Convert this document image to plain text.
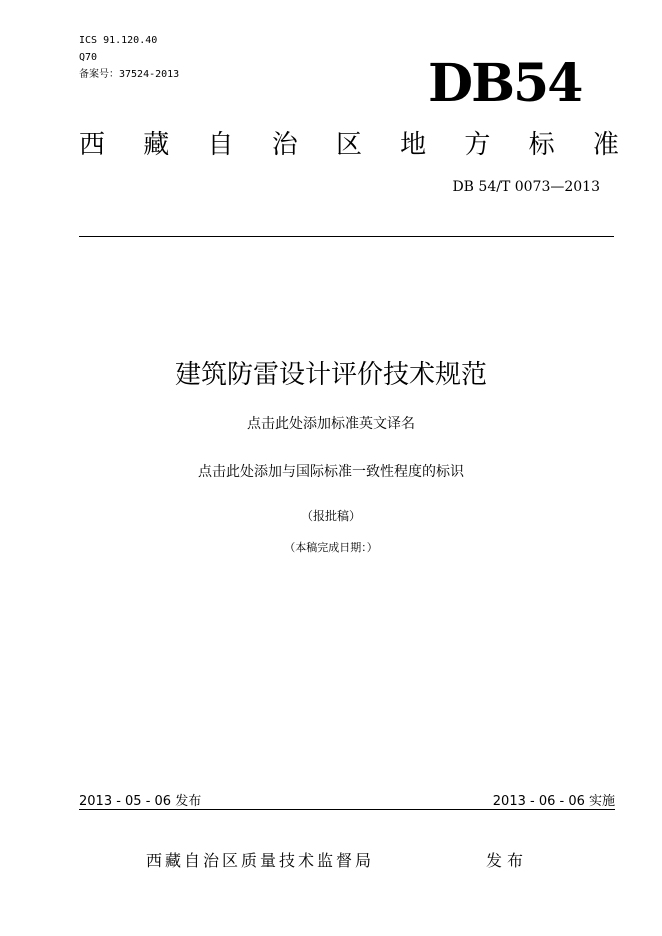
ICS 91.120.40
Q70
备案号：37524-2013	DB54
西 藏 自 治 区 地 方 标 准
DB 54/T 0073—2013
建筑防雷设计评价技术规范
点击此处添加标准英文译名
点击此处添加与国际标准一致性程度的标识
（报批稿）
（本稿完成日期：）
2013 - 05 - 06 发布	2013 - 06 - 06 实施
西藏自治区质量技术监督局	发布
